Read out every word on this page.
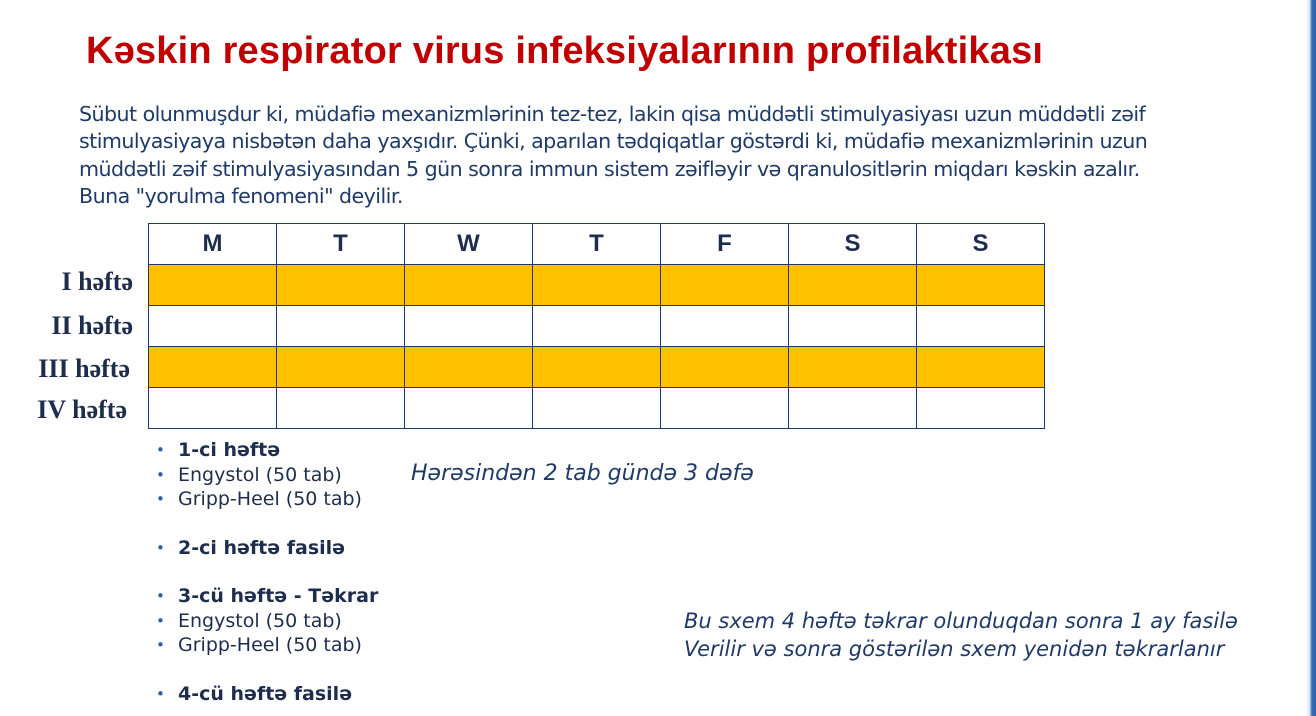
Kəskin respirator virus infeksiyalarının profilaktikası
Sübut olunmuşdur ki, müdafiə mexanizmlərinin tez-tez, lakin qisa müddətli stimulyasiyası uzun müddətli zəif
stimulyasiyaya nisbətən daha yaxşıdır. Çünki, aparılan tədqiqatlar göstərdi ki, müdafiə mexanizmlərinin uzun
müddətli zəif stimulyasiyasından 5 gün sonra immun sistem zəifləyir və qranulositlərin miqdarı kəskin azalır.
Buna "yorulma fenomeni" deyilir.
I həftə
II həftə
III həftə
IV həftə
M	T	W	T	F	S	S

• 1-ci həftə
• Engystol (50 tab)
• Gripp-Heel (50 tab)
• 2-ci həftə fasilə
• 3-cü həftə - Təkrar
• Engystol (50 tab)
• Gripp-Heel (50 tab)
• 4-cü həftə fasilə
Hərəsindən 2 tab gündə 3 dəfə
Bu sxem 4 həftə təkrar olunduqdan sonra 1 ay fasilə
Verilir və sonra göstərilən sxem yenidən təkrarlanır
